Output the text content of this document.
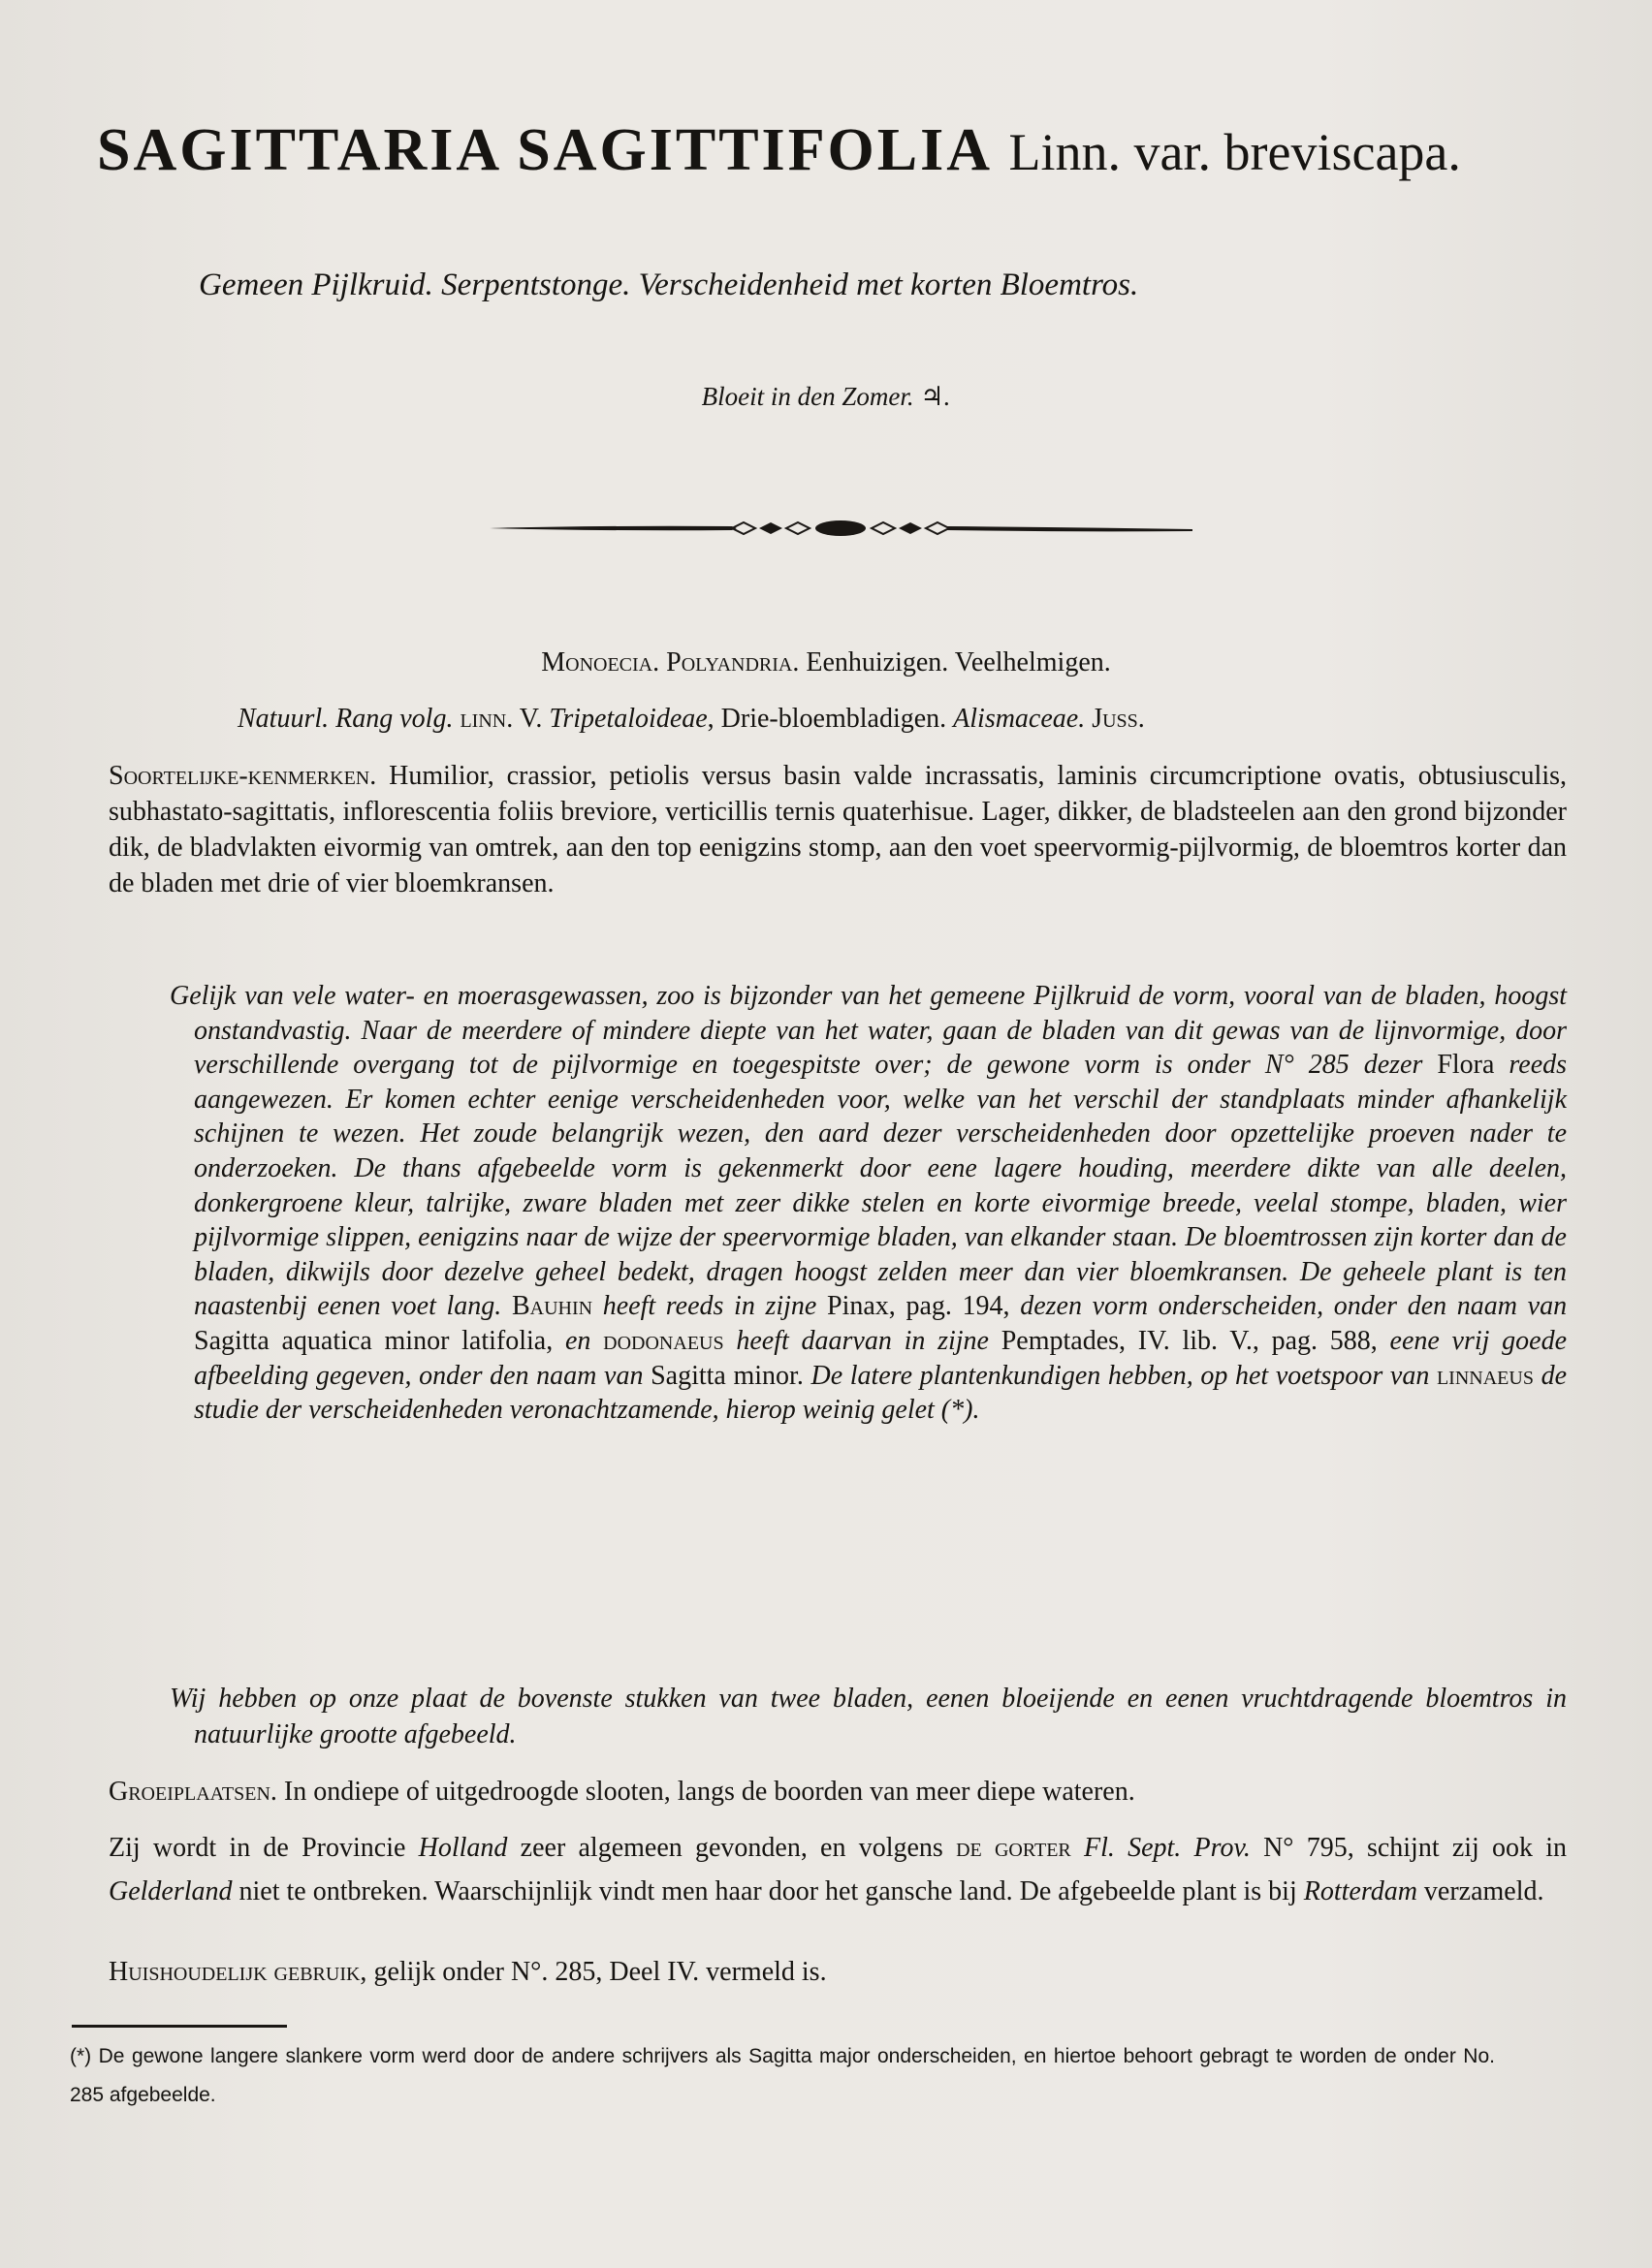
SAGITTARIA SAGITTIFOLIA Linn. var. breviscapa.
Gemeen Pijlkruid. Serpentstonge. Verscheidenheid met korten Bloemtros.
Bloeit in den Zomer. ♃.
Monoecia. Polyandria. Eenhuizigen. Veelhelmigen.
Natuurl. Rang volg. linn. V. Tripetaloideae, Drie-bloembladigen. Alismaceae. Juss.
Soortelijke-kenmerken. Humilior, crassior, petiolis versus basin valde incrassatis, laminis circumcriptione ovatis, obtusiusculis, subhastato-sagittatis, inflorescentia foliis breviore, verticillis ternis quaterhisue. Lager, dikker, de bladsteelen aan den grond bijzonder dik, de bladvlakten eivormig van omtrek, aan den top eenigzins stomp, aan den voet speervormig-pijlvormig, de bloemtros korter dan de bladen met drie of vier bloemkransen.
Gelijk van vele water- en moerasgewassen, zoo is bijzonder van het gemeene Pijlkruid de vorm, vooral van de bladen, hoogst onstandvastig. Naar de meerdere of mindere diepte van het water, gaan de bladen van dit gewas van de lijnvormige, door verschillende overgang tot de pijlvormige en toegespitste over; de gewone vorm is onder N° 285 dezer Flora reeds aangewezen. Er komen echter eenige verscheidenheden voor, welke van het verschil der standplaats minder afhankelijk schijnen te wezen. Het zoude belangrijk wezen, den aard dezer verscheidenheden door opzettelijke proeven nader te onderzoeken. De thans afgebeelde vorm is gekenmerkt door eene lagere houding, meerdere dikte van alle deelen, donkergroene kleur, talrijke, zware bladen met zeer dikke stelen en korte eivormige breede, veelal stompe, bladen, wier pijlvormige slippen, eenigzins naar de wijze der speervormige bladen, van elkander staan. De bloemtrossen zijn korter dan de bladen, dikwijls door dezelve geheel bedekt, dragen hoogst zelden meer dan vier bloemkransen. De geheele plant is ten naastenbij eenen voet lang. Bauhin heeft reeds in zijne Pinax, pag. 194, dezen vorm onderscheiden, onder den naam van Sagitta aquatica minor latifolia, en dodonaeus heeft daarvan in zijne Pemptades, IV. lib. V., pag. 588, eene vrij goede afbeelding gegeven, onder den naam van Sagitta minor. De latere plantenkundigen hebben, op het voetspoor van linnaeus de studie der verscheidenheden veronachtzamende, hierop weinig gelet (*).
Wij hebben op onze plaat de bovenste stukken van twee bladen, eenen bloeijende en eenen vruchtdragende bloemtros in natuurlijke grootte afgebeeld.
Groeiplaatsen. In ondiepe of uitgedroogde slooten, langs de boorden van meer diepe wateren.
Zij wordt in de Provincie Holland zeer algemeen gevonden, en volgens de gorter Fl. Sept. Prov. N° 795, schijnt zij ook in Gelderland niet te ontbreken. Waarschijnlijk vindt men haar door het gansche land. De afgebeelde plant is bij Rotterdam verzameld.
Huishoudelijk gebruik, gelijk onder N°. 285, Deel IV. vermeld is.
(*) De gewone langere slankere vorm werd door de andere schrijvers als Sagitta major onderscheiden, en hiertoe behoort gebragt te worden de onder No. 285 afgebeelde.
